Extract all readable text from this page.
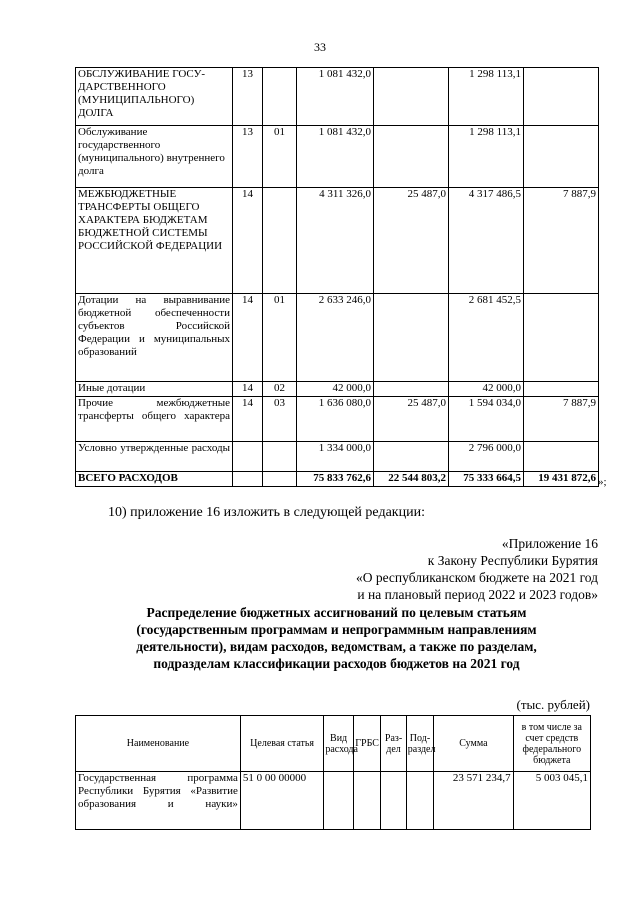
33
ОБСЛУЖИВАНИЕ ГОСУ-ДАРСТВЕННОГО (МУНИЦИПАЛЬНОГО) ДОЛГА	13		1 081 432,0		1 298 113,1	
Обслуживание государственного (муниципального) внутреннего долга	13	01	1 081 432,0		1 298 113,1	
МЕЖБЮДЖЕТНЫЕ ТРАНСФЕРТЫ ОБЩЕГО ХАРАКТЕРА БЮДЖЕТАМ БЮДЖЕТНОЙ СИСТЕМЫ РОССИЙСКОЙ ФЕДЕРАЦИИ	14		4 311 326,0	25 487,0	4 317 486,5	7 887,9
Дотации на выравнивание бюджетной обеспеченности субъектов Российской Федерации и муниципальных образований	14	01	2 633 246,0		2 681 452,5	
Иные дотации	14	02	42 000,0		42 000,0	
Прочие межбюджетные трансферты общего характера	14	03	1 636 080,0	25 487,0	1 594 034,0	7 887,9
Условно утвержденные расходы			1 334 000,0		2 796 000,0	
ВСЕГО РАСХОДОВ			75 833 762,6	22 544 803,2	75 333 664,5	19 431 872,6 »;
10) приложение 16 изложить в следующей редакции:
«Приложение 16
к Закону Республики Бурятия
«О республиканском бюджете на 2021 год
и на плановый период 2022 и 2023 годов»
Распределение бюджетных ассигнований по целевым статьям
(государственным программам и непрограммным направлениям
деятельности), видам расходов, ведомствам, а также по разделам,
подразделам классификации расходов бюджетов на 2021 год
(тыс. рублей)
Наименование	Целевая статья	Вид расхода	ГРБС	Раз-дел	Под-раздел	Сумма	в том числе за счет средств федерального бюджета
Государственная программа Республики Бурятия «Развитие образования и науки»	51 0 00 00000					23 571 234,7	5 003 045,1
